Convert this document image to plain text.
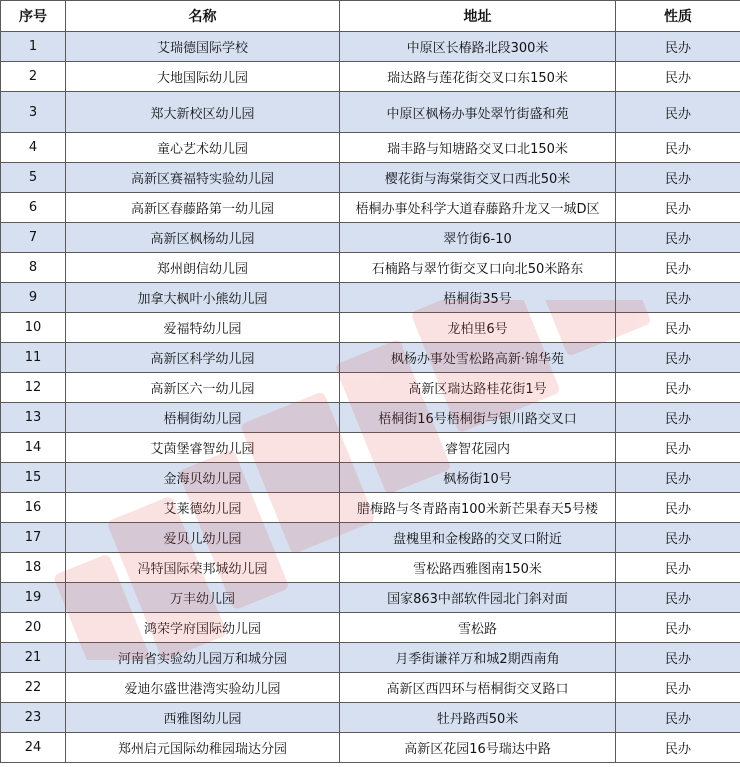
序号	名称	地址	性质
1	艾瑞德国际学校	中原区长椿路北段300米	民办
2	大地国际幼儿园	瑞达路与莲花街交叉口东150米	民办
3	郑大新校区幼儿园	中原区枫杨办事处翠竹街盛和苑	民办
4	童心艺术幼儿园	瑞丰路与知塘路交叉口北150米	民办
5	高新区赛福特实验幼儿园	樱花街与海棠街交叉口西北50米	民办
6	高新区春藤路第一幼儿园	梧桐办事处科学大道春藤路升龙又一城D区	民办
7	高新区枫杨幼儿园	翠竹街6-10	民办
8	郑州朗信幼儿园	石楠路与翠竹街交叉口向北50米路东	民办
9	加拿大枫叶小熊幼儿园	梧桐街35号	民办
10	爱福特幼儿园	龙柏里6号	民办
11	高新区科学幼儿园	枫杨办事处雪松路高新·锦华苑	民办
12	高新区六一幼儿园	高新区瑞达路桂花街1号	民办
13	梧桐街幼儿园	梧桐街16号梧桐街与银川路交叉口	民办
14	艾茵堡睿智幼儿园	睿智花园内	民办
15	金海贝幼儿园	枫杨街10号	民办
16	艾莱德幼儿园	腊梅路与冬青路南100米新芒果春天5号楼	民办
17	爱贝儿幼儿园	盘槐里和金梭路的交叉口附近	民办
18	冯特国际荣邦城幼儿园	雪松路西雅图南150米	民办
19	万丰幼儿园	国家863中部软件园北门斜对面	民办
20	鸿荣学府国际幼儿园	雪松路	民办
21	河南省实验幼儿园万和城分园	月季街谦祥万和城2期西南角	民办
22	爱迪尔盛世港湾实验幼儿园	高新区西四环与梧桐街交叉路口	民办
23	西雅图幼儿园	牡丹路西50米	民办
24	郑州启元国际幼稚园瑞达分园	高新区花园16号瑞达中路	民办
